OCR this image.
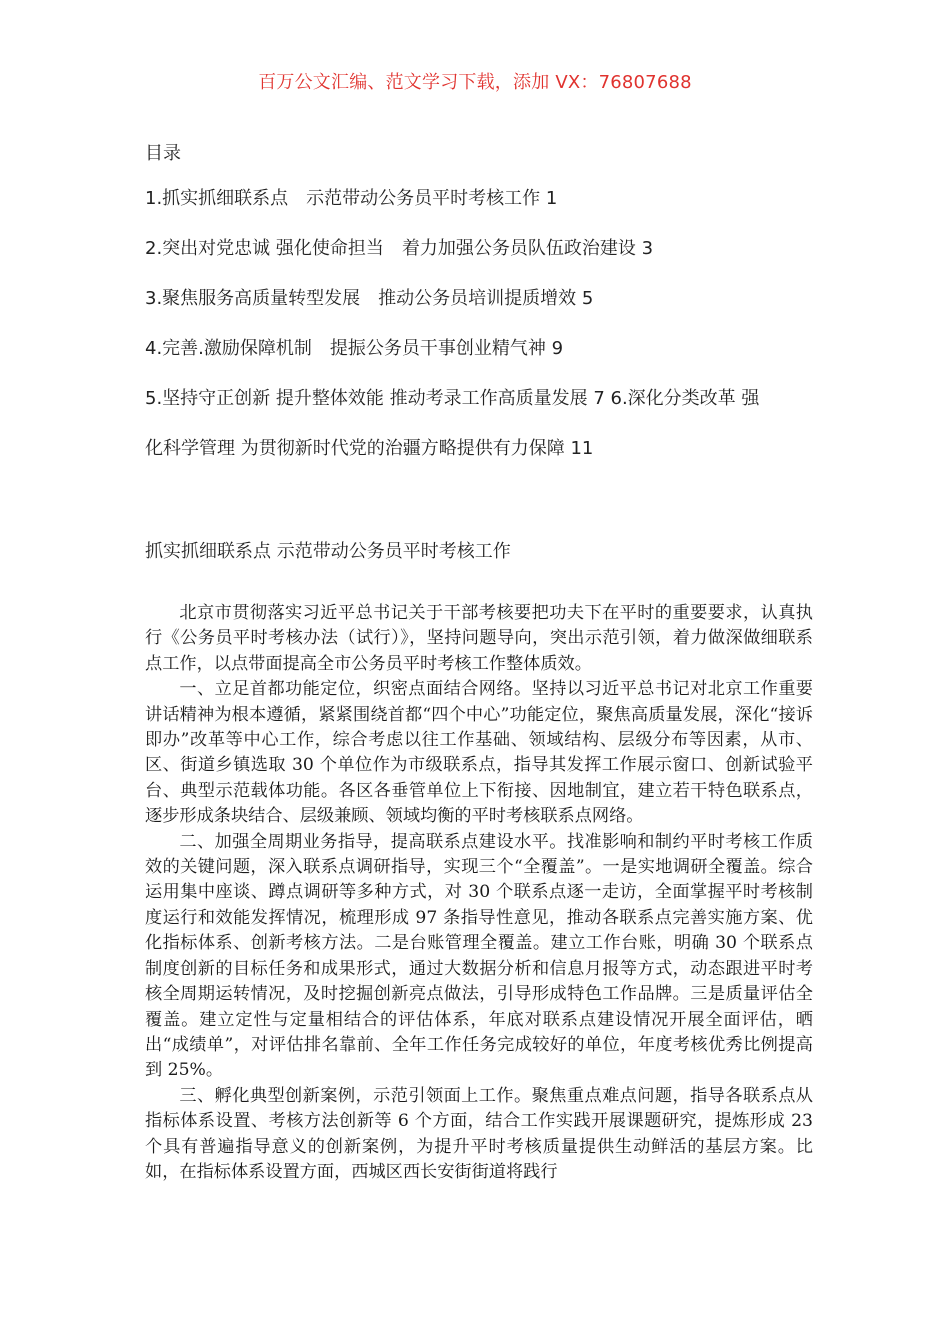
百万公文汇编、范文学习下载，添加 VX：76807688
目录
1.抓实抓细联系点　示范带动公务员平时考核工作 1
2.突出对党忠诚 强化使命担当　着力加强公务员队伍政治建设 3
3.聚焦服务高质量转型发展　推动公务员培训提质增效 5
4.完善.激励保障机制　提振公务员干事创业精气神 9
5.坚持守正创新 提升整体效能 推动考录工作高质量发展 7 6.深化分类改革 强
化科学管理 为贯彻新时代党的治疆方略提供有力保障 11
抓实抓细联系点 示范带动公务员平时考核工作

北京市贯彻落实习近平总书记关于干部考核要把功夫下在平时的重要要求，认真执行《公务员平时考核办法（试行）》，坚持问题导向，突出示范引领，着力做深做细联系点工作，以点带面提高全市公务员平时考核工作整体质效。

一、立足首都功能定位，织密点面结合网络。坚持以习近平总书记对北京工作重要讲话精神为根本遵循，紧紧围绕首都“四个中心”功能定位，聚焦高质量发展，深化“接诉即办”改革等中心工作，综合考虑以往工作基础、领域结构、层级分布等因素，从市、区、街道乡镇选取 30 个单位作为市级联系点，指导其发挥工作展示窗口、创新试验平台、典型示范载体功能。各区各垂管单位上下衔接、因地制宜，建立若干特色联系点，逐步形成条块结合、层级兼顾、领域均衡的平时考核联系点网络。

二、加强全周期业务指导，提高联系点建设水平。找准影响和制约平时考核工作质效的关键问题，深入联系点调研指导，实现三个“全覆盖”。一是实地调研全覆盖。综合运用集中座谈、蹲点调研等多种方式，对 30 个联系点逐一走访，全面掌握平时考核制度运行和效能发挥情况，梳理形成 97 条指导性意见，推动各联系点完善实施方案、优化指标体系、创新考核方法。二是台账管理全覆盖。建立工作台账，明确 30 个联系点制度创新的目标任务和成果形式，通过大数据分析和信息月报等方式，动态跟进平时考核全周期运转情况，及时挖掘创新亮点做法，引导形成特色工作品牌。三是质量评估全覆盖。建立定性与定量相结合的评估体系，年底对联系点建设情况开展全面评估，晒出“成绩单”，对评估排名靠前、全年工作任务完成较好的单位，年度考核优秀比例提高到 25%。

三、孵化典型创新案例，示范引领面上工作。聚焦重点难点问题，指导各联系点从指标体系设置、考核方法创新等 6 个方面，结合工作实践开展课题研究，提炼形成 23 个具有普遍指导意义的创新案例，为提升平时考核质量提供生动鲜活的基层方案。比如，在指标体系设置方面，西城区西长安街街道将践行
